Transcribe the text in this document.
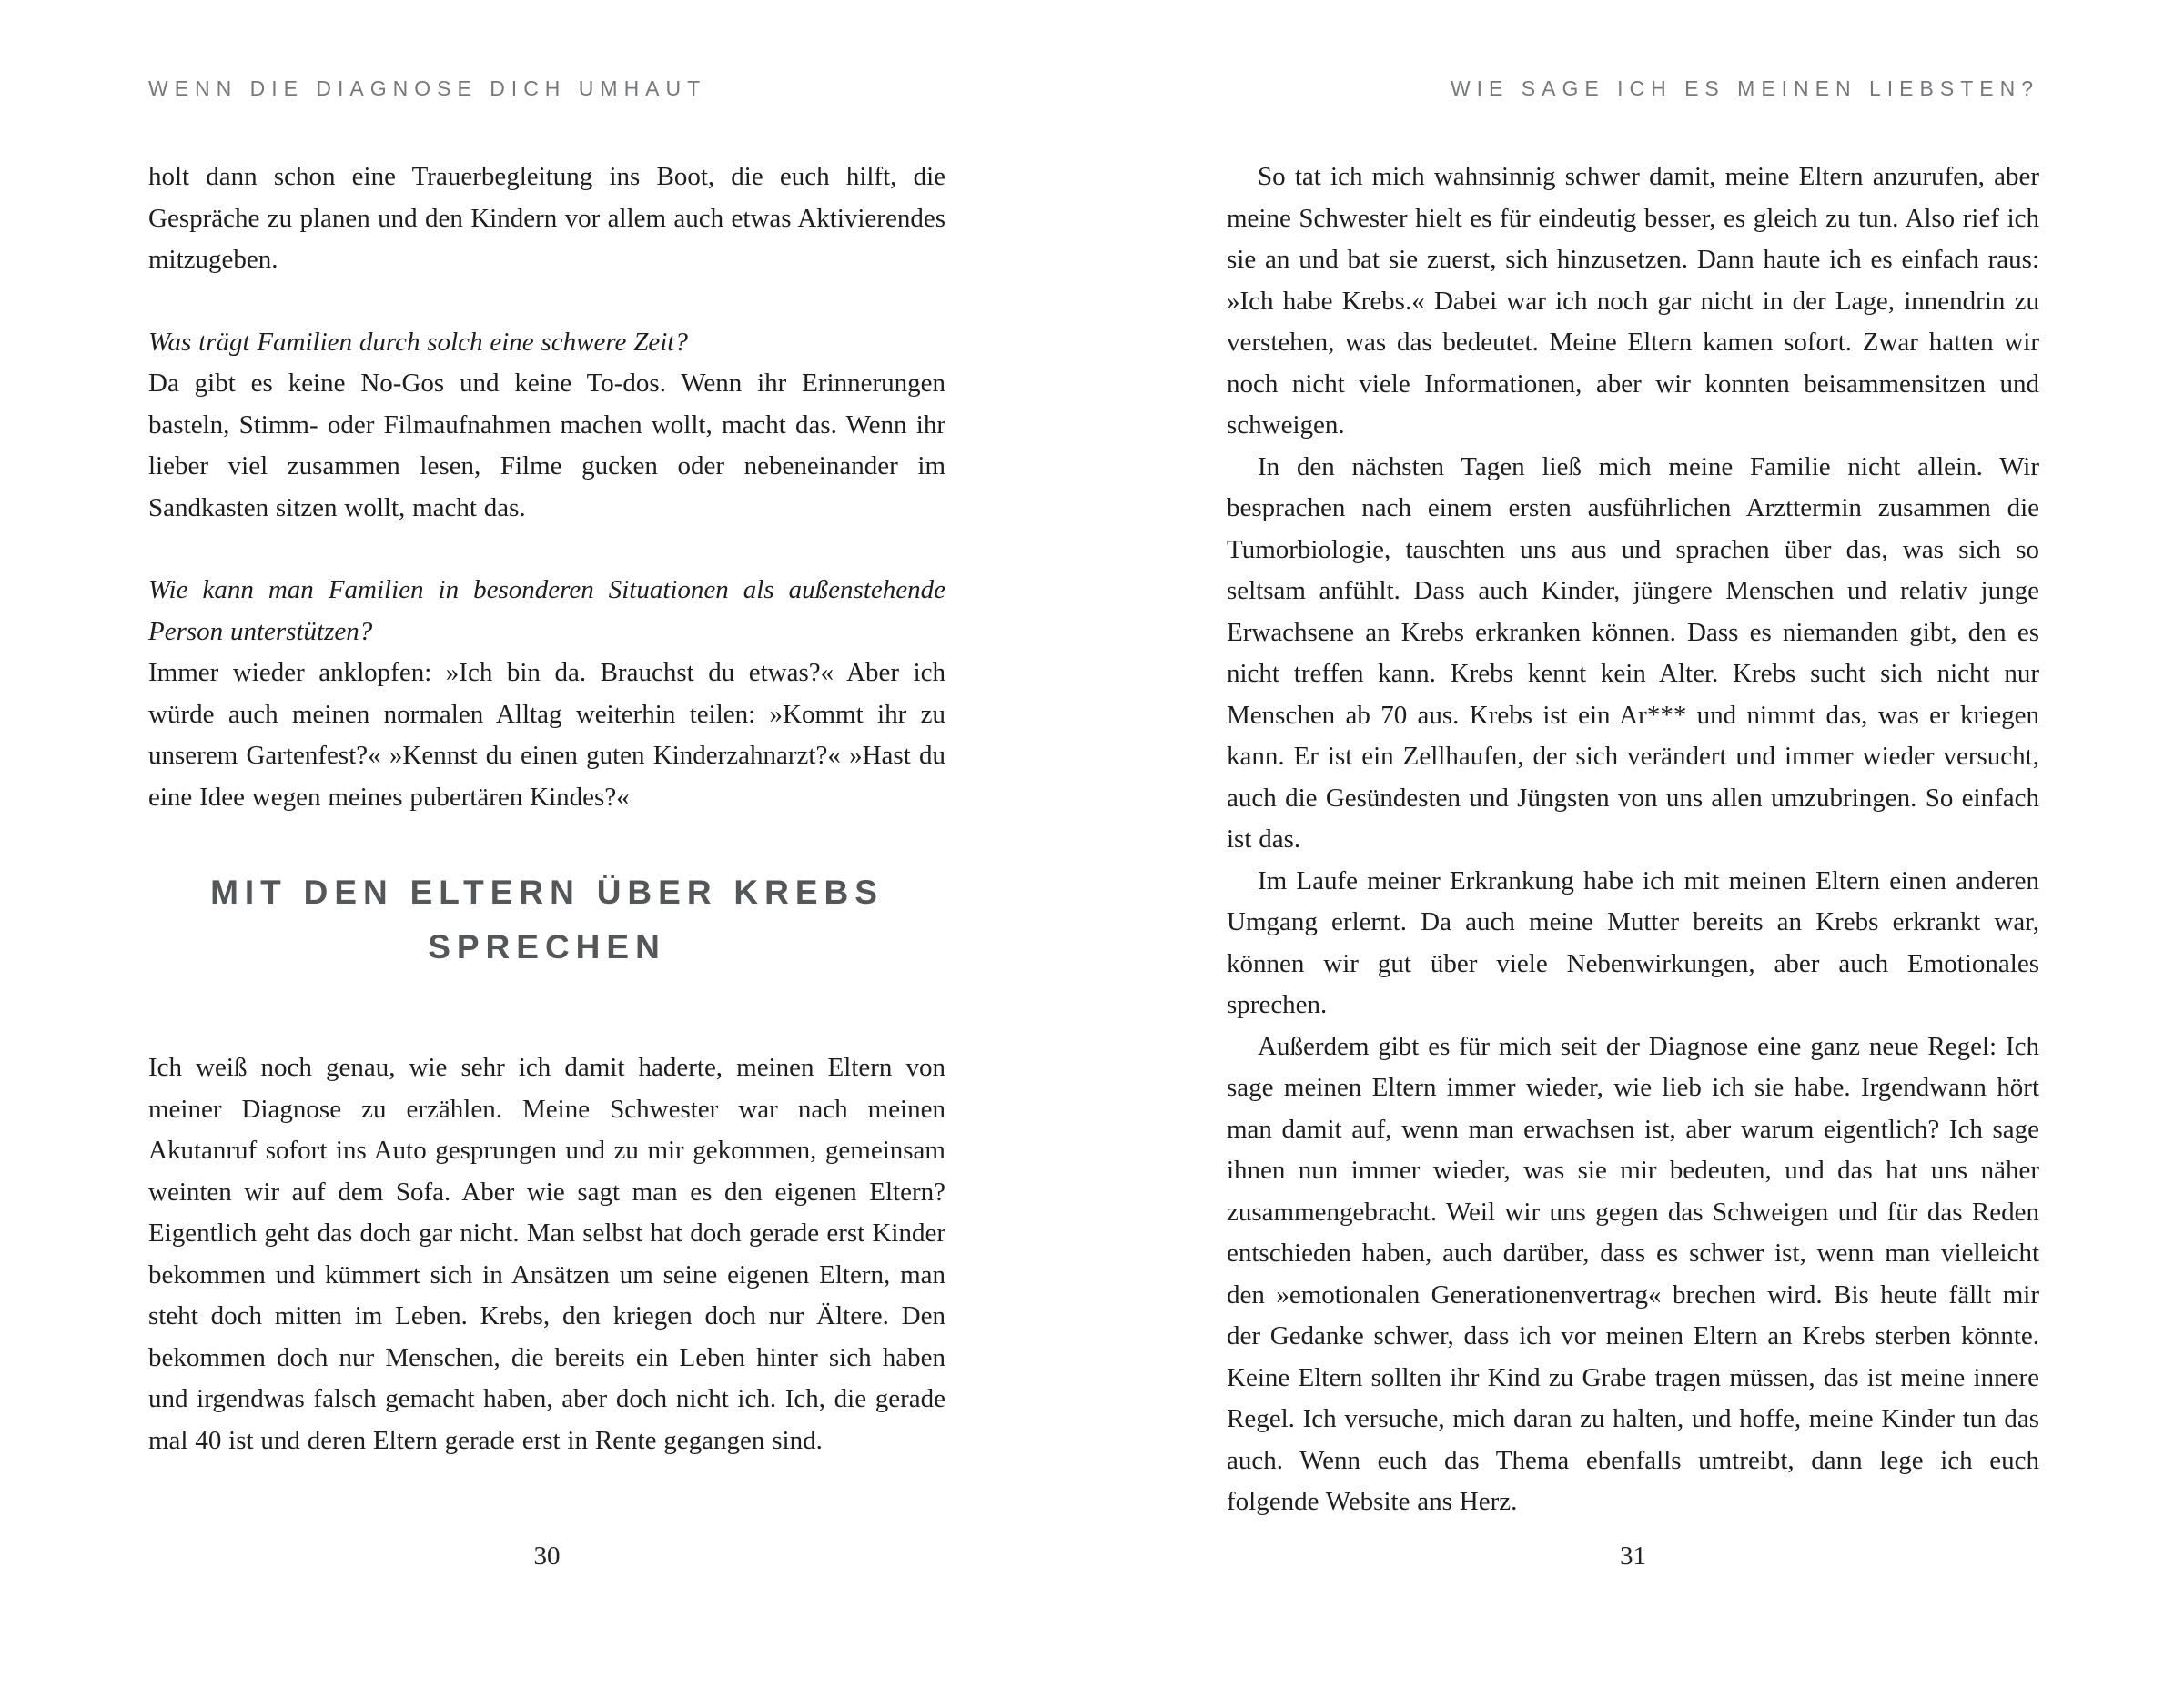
WENN DIE DIAGNOSE DICH UMHAUT

holt dann schon eine Trauerbegleitung ins Boot, die euch hilft, die Gespräche zu planen und den Kindern vor allem auch etwas Aktivierendes mitzugeben.

Was trägt Familien durch solch eine schwere Zeit?

Da gibt es keine No-Gos und keine To-dos. Wenn ihr Erinnerungen basteln, Stimm- oder Filmaufnahmen machen wollt, macht das. Wenn ihr lieber viel zusammen lesen, Filme gucken oder nebeneinander im Sandkasten sitzen wollt, macht das.

Wie kann man Familien in besonderen Situationen als außenstehende Person unterstützen?

Immer wieder anklopfen: »Ich bin da. Brauchst du etwas?« Aber ich würde auch meinen normalen Alltag weiterhin teilen: »Kommt ihr zu unserem Gartenfest?« »Kennst du einen guten Kinderzahnarzt?« »Hast du eine Idee wegen meines pubertären Kindes?«

MIT DEN ELTERN ÜBER KREBS
SPRECHEN

Ich weiß noch genau, wie sehr ich damit haderte, meinen Eltern von meiner Diagnose zu erzählen. Meine Schwester war nach meinen Akutanruf sofort ins Auto gesprungen und zu mir gekommen, gemeinsam weinten wir auf dem Sofa. Aber wie sagt man es den eigenen Eltern? Eigentlich geht das doch gar nicht. Man selbst hat doch gerade erst Kinder bekommen und kümmert sich in Ansätzen um seine eigenen Eltern, man steht doch mitten im Leben. Krebs, den kriegen doch nur Ältere. Den bekommen doch nur Menschen, die bereits ein Leben hinter sich haben und irgendwas falsch gemacht haben, aber doch nicht ich. Ich, die gerade mal 40 ist und deren Eltern gerade erst in Rente gegangen sind.

30
WIE SAGE ICH ES MEINEN LIEBSTEN?

So tat ich mich wahnsinnig schwer damit, meine Eltern anzurufen, aber meine Schwester hielt es für eindeutig besser, es gleich zu tun. Also rief ich sie an und bat sie zuerst, sich hinzusetzen. Dann haute ich es einfach raus: »Ich habe Krebs.« Dabei war ich noch gar nicht in der Lage, innendrin zu verstehen, was das bedeutet. Meine Eltern kamen sofort. Zwar hatten wir noch nicht viele Informationen, aber wir konnten beisammensitzen und schweigen.

In den nächsten Tagen ließ mich meine Familie nicht allein. Wir besprachen nach einem ersten ausführlichen Arzttermin zusammen die Tumorbiologie, tauschten uns aus und sprachen über das, was sich so seltsam anfühlt. Dass auch Kinder, jüngere Menschen und relativ junge Erwachsene an Krebs erkranken können. Dass es niemanden gibt, den es nicht treffen kann. Krebs kennt kein Alter. Krebs sucht sich nicht nur Menschen ab 70 aus. Krebs ist ein Ar*** und nimmt das, was er kriegen kann. Er ist ein Zellhaufen, der sich verändert und immer wieder versucht, auch die Gesündesten und Jüngsten von uns allen umzubringen. So einfach ist das.

Im Laufe meiner Erkrankung habe ich mit meinen Eltern einen anderen Umgang erlernt. Da auch meine Mutter bereits an Krebs erkrankt war, können wir gut über viele Nebenwirkungen, aber auch Emotionales sprechen.

Außerdem gibt es für mich seit der Diagnose eine ganz neue Regel: Ich sage meinen Eltern immer wieder, wie lieb ich sie habe. Irgendwann hört man damit auf, wenn man erwachsen ist, aber warum eigentlich? Ich sage ihnen nun immer wieder, was sie mir bedeuten, und das hat uns näher zusammengebracht. Weil wir uns gegen das Schweigen und für das Reden entschieden haben, auch darüber, dass es schwer ist, wenn man vielleicht den »emotionalen Generationenvertrag« brechen wird. Bis heute fällt mir der Gedanke schwer, dass ich vor meinen Eltern an Krebs sterben könnte. Keine Eltern sollten ihr Kind zu Grabe tragen müssen, das ist meine innere Regel. Ich versuche, mich daran zu halten, und hoffe, meine Kinder tun das auch. Wenn euch das Thema ebenfalls umtreibt, dann lege ich euch folgende Website ans Herz.

31
